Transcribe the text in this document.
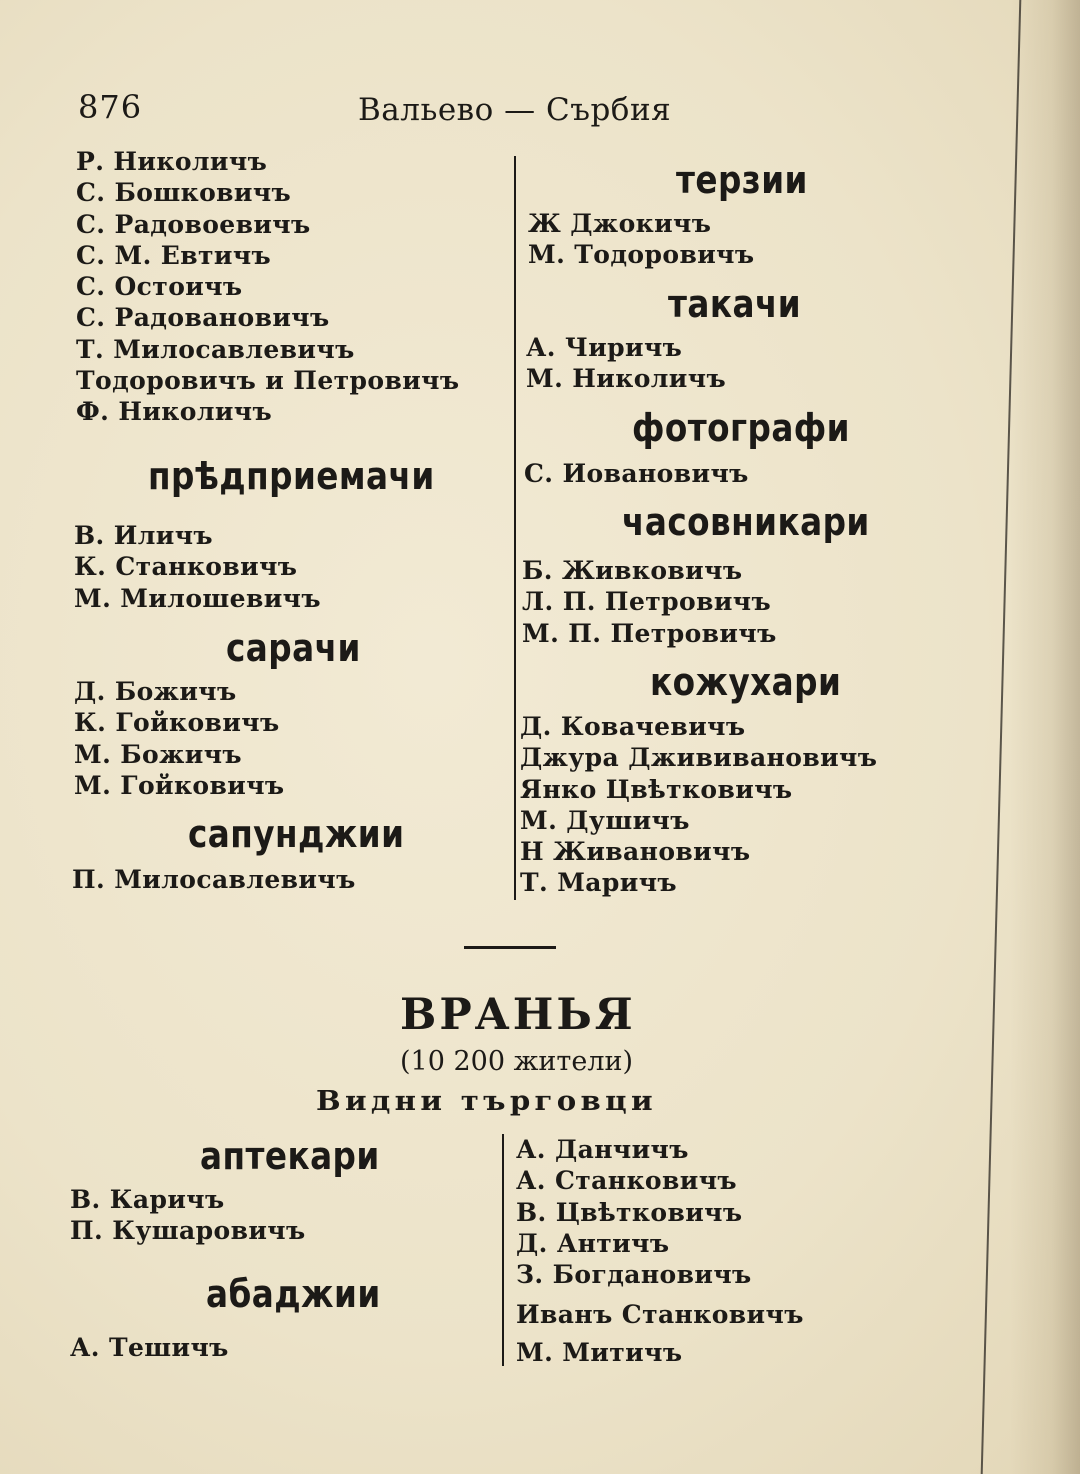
876	Вальево — Сърбия
Р. Николичъ
С. Бошковичъ
С. Радовоевичъ
С. М. Евтичъ
С. Остоичъ
С. Радовановичъ
Т. Милосавлевичъ
Тодоровичъ и Петровичъ
Ф. Николичъ
прѣдприемачи
В. Иличъ
К. Станковичъ
М. Милошевичъ
сарачи
Д. Божичъ
К. Гойковичъ
М. Божичъ
М. Гойковичъ
сапунджии
П. Милосавлевичъ
терзии
Ж Джокичъ
М. Тодоровичъ
такачи
А. Чиричъ
М. Николичъ
фотографи
С. Иовановичъ
часовникари
Б. Живковичъ
Л. П. Петровичъ
М. П. Петровичъ
кожухари
Д. Ковачевичъ
Джура Джививановичъ
Янко Цвѣтковичъ
М. Душичъ
Н Живановичъ
Т. Маричъ
ВРАНЬЯ
(10 200 жители)
Видни търговци
аптекари
В. Каричъ
П. Кушаровичъ
абаджии
А. Тешичъ
А. Данчичъ
А. Станковичъ
В. Цвѣтковичъ
Д. Античъ
З. Богдановичъ
Иванъ Станковичъ
М. Митичъ
